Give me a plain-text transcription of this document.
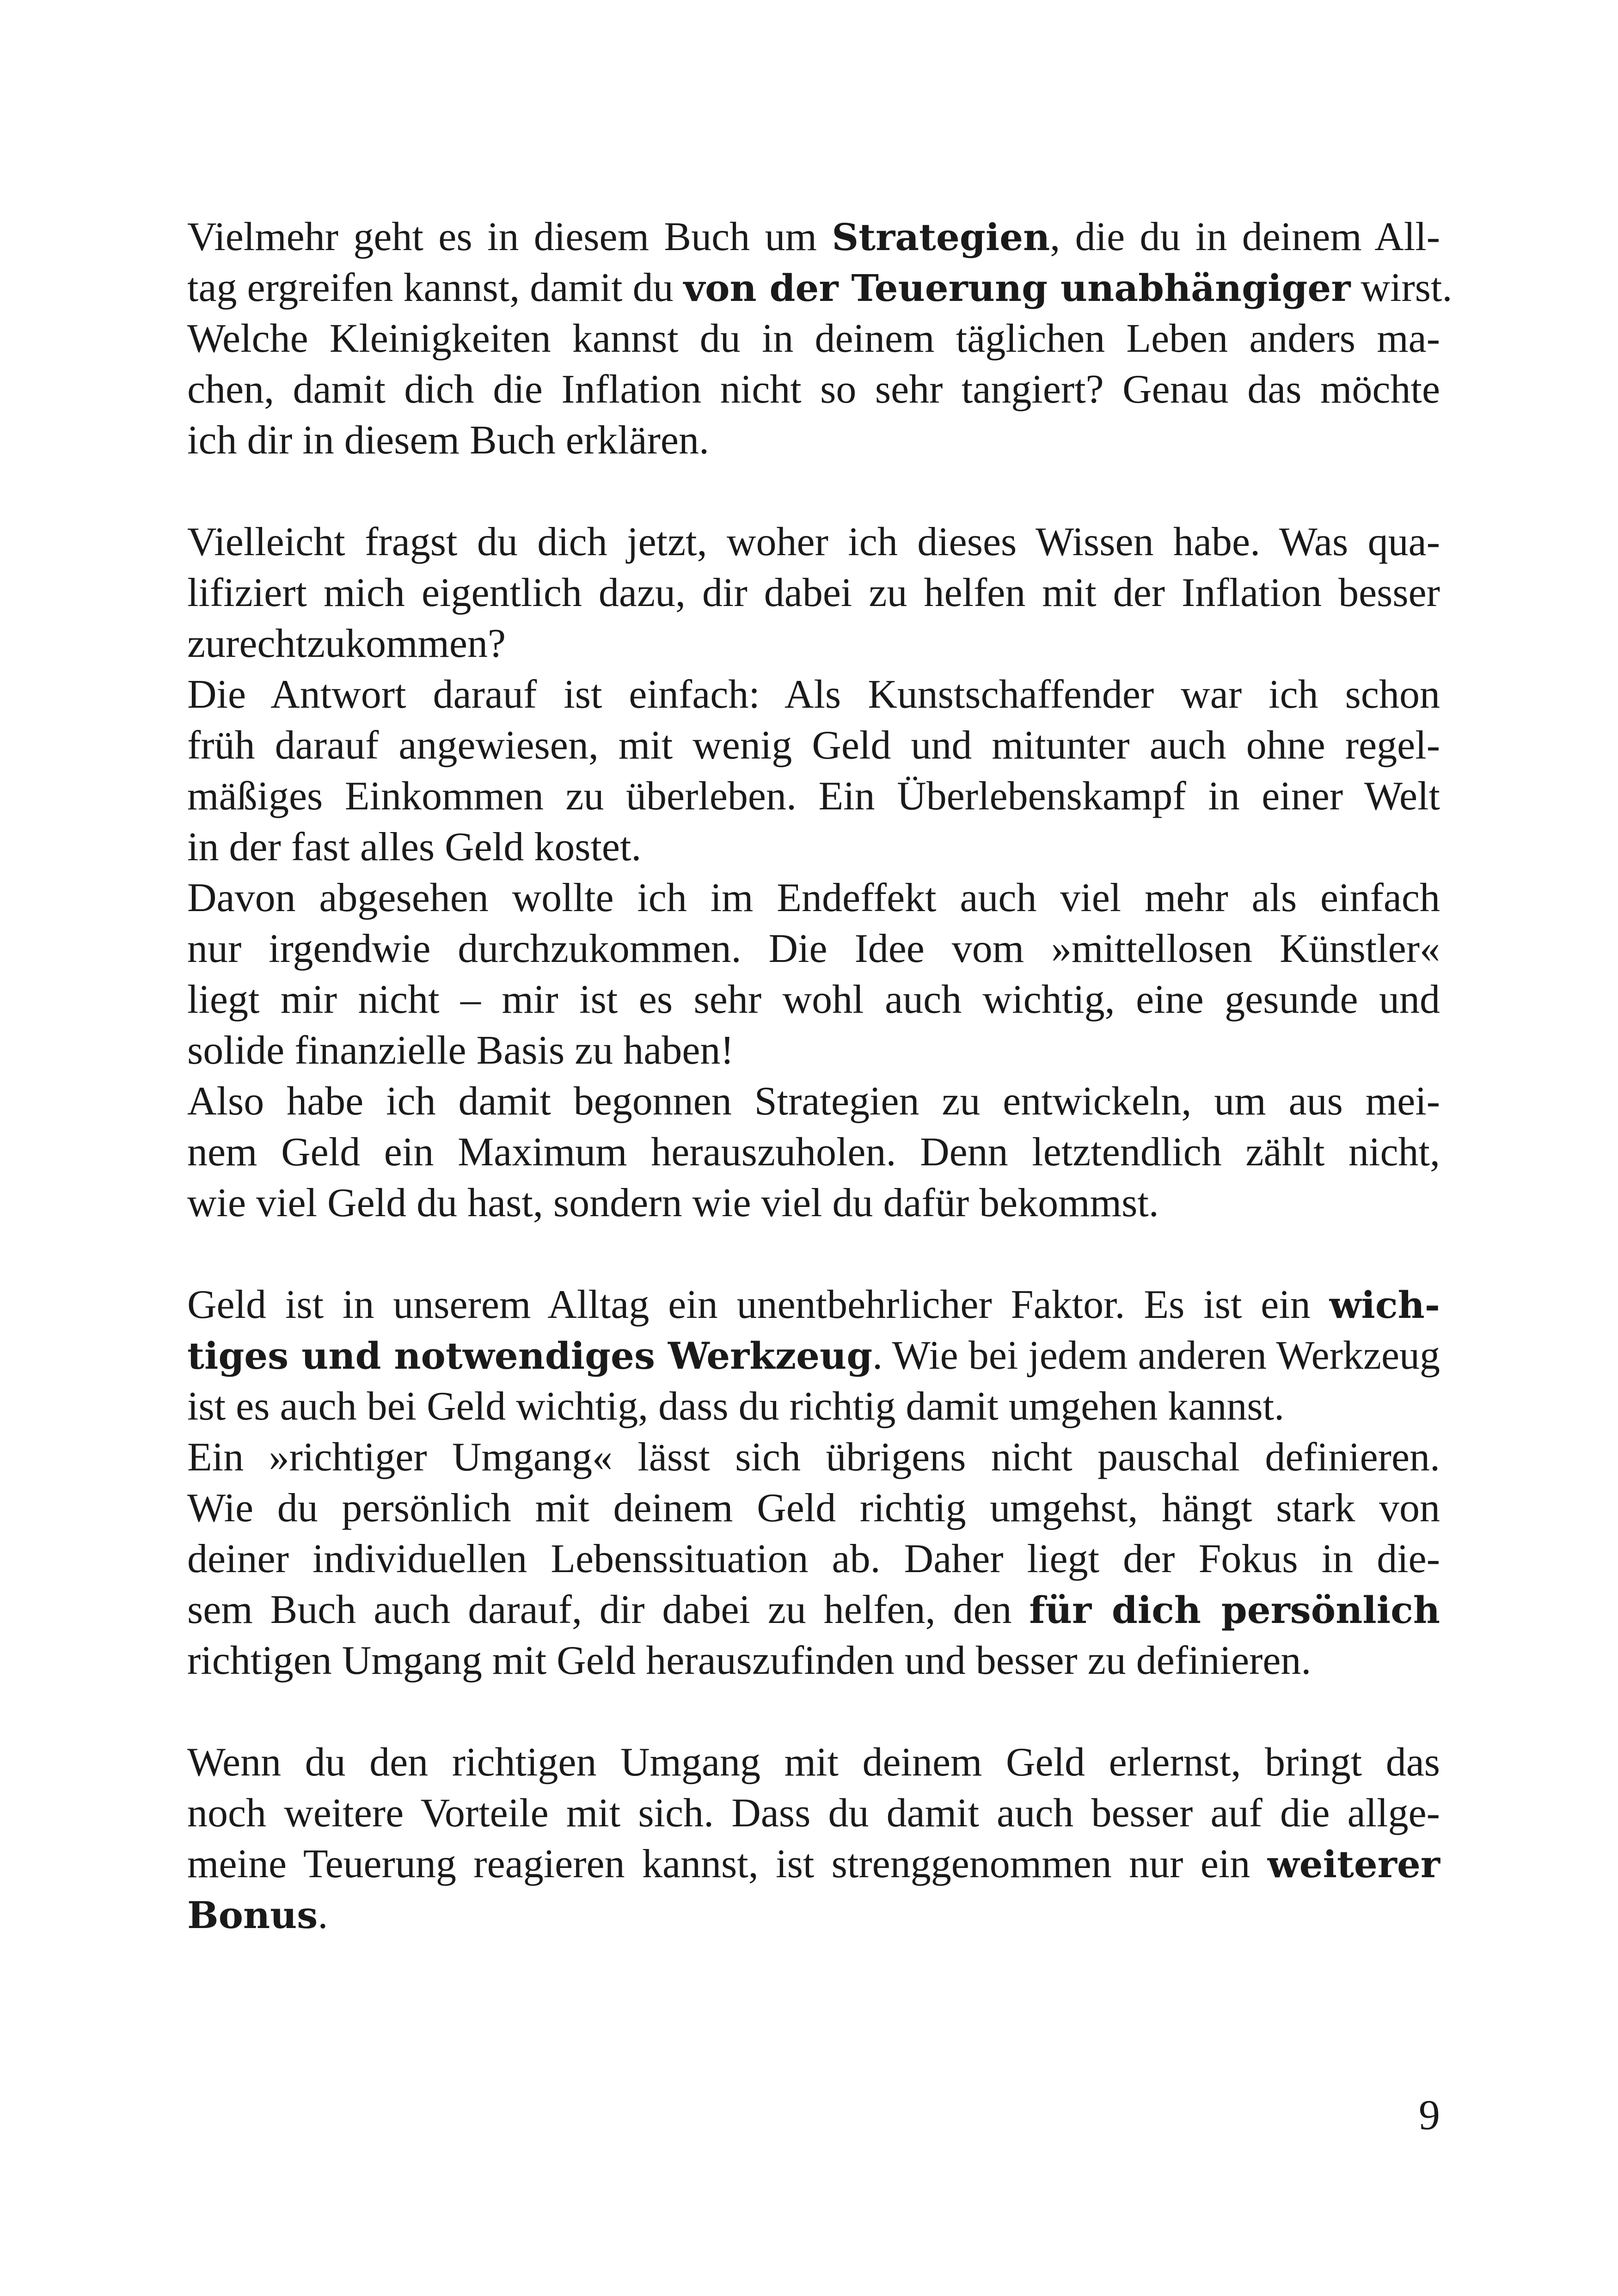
Vielmehr geht es in diesem Buch um Strategien, die du in deinem All-
tag ergreifen kannst, damit du von der Teuerung unabhängiger wirst.
Welche Kleinigkeiten kannst du in deinem täglichen Leben anders ma-
chen, damit dich die Inflation nicht so sehr tangiert? Genau das möchte
ich dir in diesem Buch erklären.
Vielleicht fragst du dich jetzt, woher ich dieses Wissen habe. Was qua-
lifiziert mich eigentlich dazu, dir dabei zu helfen mit der Inflation besser
zurechtzukommen?
Die Antwort darauf ist einfach: Als Kunstschaffender war ich schon
früh darauf angewiesen, mit wenig Geld und mitunter auch ohne regel-
mäßiges Einkommen zu überleben. Ein Überlebenskampf in einer Welt
in der fast alles Geld kostet.
Davon abgesehen wollte ich im Endeffekt auch viel mehr als einfach
nur irgendwie durchzukommen. Die Idee vom »mittellosen Künstler«
liegt mir nicht – mir ist es sehr wohl auch wichtig, eine gesunde und
solide finanzielle Basis zu haben!
Also habe ich damit begonnen Strategien zu entwickeln, um aus mei-
nem Geld ein Maximum herauszuholen. Denn letztendlich zählt nicht,
wie viel Geld du hast, sondern wie viel du dafür bekommst.
Geld ist in unserem Alltag ein unentbehrlicher Faktor. Es ist ein wich-
tiges und notwendiges Werkzeug. Wie bei jedem anderen Werkzeug
ist es auch bei Geld wichtig, dass du richtig damit umgehen kannst.
Ein »richtiger Umgang« lässt sich übrigens nicht pauschal definieren.
Wie du persönlich mit deinem Geld richtig umgehst, hängt stark von
deiner individuellen Lebenssituation ab. Daher liegt der Fokus in die-
sem Buch auch darauf, dir dabei zu helfen, den für dich persönlich
richtigen Umgang mit Geld herauszufinden und besser zu definieren.
Wenn du den richtigen Umgang mit deinem Geld erlernst, bringt das
noch weitere Vorteile mit sich. Dass du damit auch besser auf die allge-
meine Teuerung reagieren kannst, ist strenggenommen nur ein weiterer
Bonus.
9
